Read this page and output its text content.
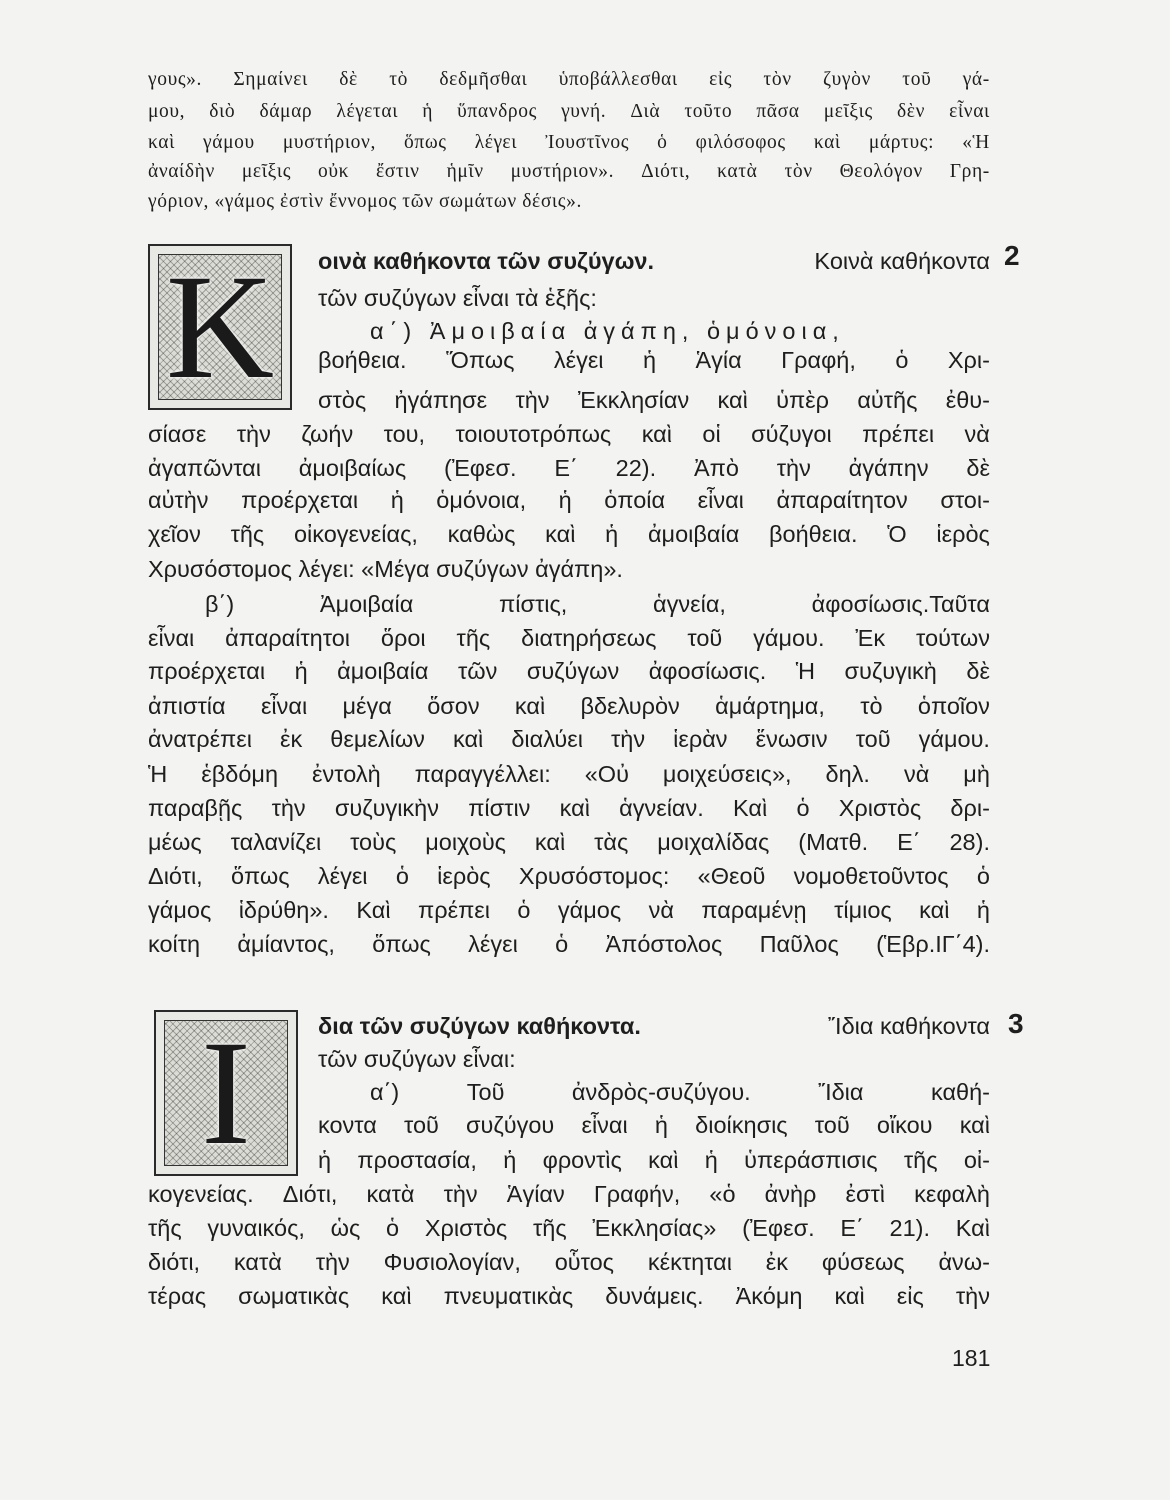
γους». Σημαίνει δὲ τὸ δεδμῆσθαι ὑποβάλλεσθαι εἰς τὸν ζυγὸν τοῦ γά-
μου, διὸ δάμαρ λέγεται ἡ ὕπανδρος γυνή. Διὰ τοῦτο πᾶσα μεῖξις δὲν εἶναι
καὶ γάμου μυστήριον, ὅπως λέγει Ἰουστῖνος ὁ φιλόσοφος καὶ μάρτυς: «Ἡ
ἀναίδὴν μεῖξις οὐκ ἔστιν ἡμῖν μυστήριον». Διότι, κατὰ τὸν Θεολόγον Γρη-
γόριον, «γάμος ἐστὶν ἔννομος τῶν σωμάτων δέσις».
K	2
οινὰ καθήκοντα τῶν συζύγων.	Κοινὰ καθήκοντα
τῶν συζύγων εἶναι τὰ ἑξῆς:
α΄) Ἀμοιβαία ἀγάπη, ὁμόνοια,
βοήθεια. Ὅπως λέγει ἡ Ἁγία Γραφή, ὁ Χρι-
στὸς ἠγάπησε τὴν Ἐκκλησίαν καὶ ὑπὲρ αὐτῆς ἐθυ-
σίασε τὴν ζωήν του, τοιουτοτρόπως καὶ οἱ σύζυγοι πρέπει νὰ
ἀγαπῶνται ἀμοιβαίως (Ἐφεσ. Ε΄ 22). Ἀπὸ τὴν ἀγάπην δὲ
αὐτὴν προέρχεται ἡ ὁμόνοια, ἡ ὁποία εἶναι ἀπαραίτητον στοι-
χεῖον τῆς οἰκογενείας, καθὼς καὶ ἡ ἀμοιβαία βοήθεια. Ὁ ἱερὸς
Χρυσόστομος λέγει: «Μέγα συζύγων ἀγάπη».
β΄)	Ἀμοιβαία	πίστις,	ἁγνεία,	ἀφοσίωσις.Ταῦτα
εἶναι ἀπαραίτητοι ὅροι τῆς διατηρήσεως τοῦ γάμου. Ἐκ τούτων
προέρχεται ἡ ἀμοιβαία τῶν συζύγων ἀφοσίωσις. Ἡ συζυγικὴ δὲ
ἀπιστία εἶναι μέγα ὅσον καὶ βδελυρὸν ἁμάρτημα, τὸ ὁποῖον
ἀνατρέπει ἐκ θεμελίων καὶ διαλύει τὴν ἱερὰν ἕνωσιν τοῦ γάμου.
Ἡ ἑβδόμη ἐντολὴ παραγγέλλει: «Οὐ μοιχεύσεις», δηλ. νὰ μὴ
παραβῇς τὴν συζυγικὴν πίστιν καὶ ἁγνείαν. Καὶ ὁ Χριστὸς δρι-
μέως ταλανίζει τοὺς μοιχοὺς καὶ τὰς μοιχαλίδας (Ματθ. Ε΄ 28).
Διότι, ὅπως λέγει ὁ ἱερὸς Χρυσόστομος: «Θεοῦ νομοθετοῦντος ὁ
γάμος ἱδρύθη». Καὶ πρέπει ὁ γάμος νὰ παραμένῃ τίμιος καὶ ἡ
κοίτη ἀμίαντος, ὅπως λέγει ὁ Ἀπόστολος Παῦλος (Ἑβρ.ΙΓ΄4).
I	3
δια τῶν συζύγων καθήκοντα.	Ἴδια καθήκοντα
τῶν συζύγων εἶναι:
α΄)	Τοῦ	ἀνδρὸς-συζύγου.	Ἴδια	καθή-
κοντα τοῦ συζύγου εἶναι ἡ διοίκησις τοῦ οἴκου καὶ
ἡ προστασία, ἡ φροντὶς καὶ ἡ ὑπεράσπισις τῆς οἰ-
κογενείας. Διότι, κατὰ τὴν Ἁγίαν Γραφήν, «ὁ ἀνὴρ ἐστὶ κεφαλὴ
τῆς γυναικός, ὡς ὁ Χριστὸς τῆς Ἐκκλησίας» (Ἐφεσ. Ε΄ 21). Καὶ
διότι, κατὰ τὴν Φυσιολογίαν, οὗτος κέκτηται ἐκ φύσεως ἀνω-
τέρας σωματικὰς καὶ πνευματικὰς δυνάμεις. Ἀκόμη καὶ εἰς τὴν
181
